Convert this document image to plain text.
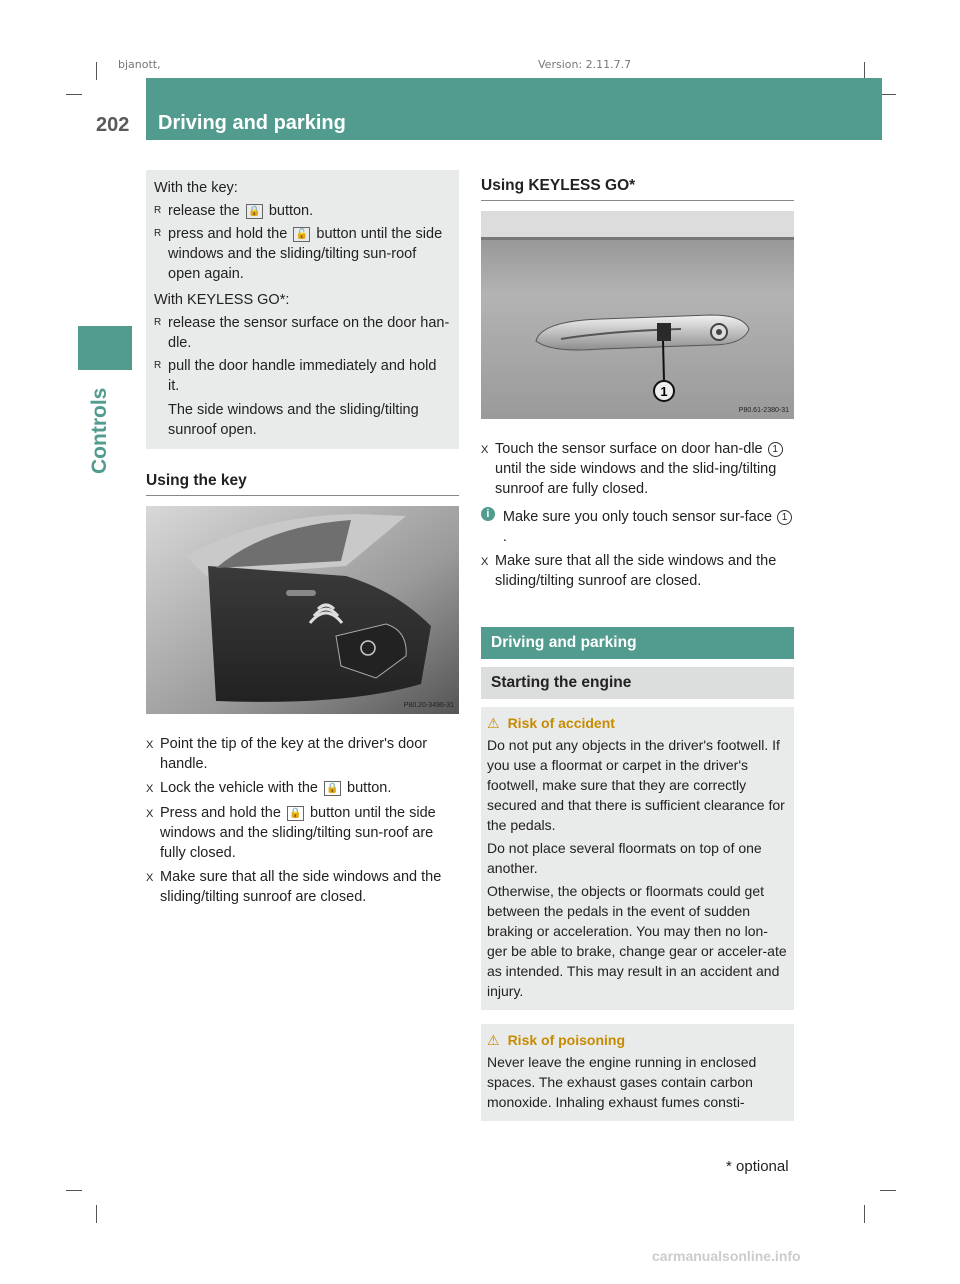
bjanott,	Version: 2.11.7.7
202 Driving and parking
Controls

With the key:

R release the 🔒 button.
R press and hold the 🔓 button until the side windows and the sliding/tilting sun-roof open again.

With KEYLESS GO*:

R release the sensor surface on the door han-dle.
R pull the door handle immediately and hold it.

The side windows and the sliding/tilting sunroof open.
Using the key
P80.20-3496-31
X Point the tip of the key at the driver's door handle.
X Lock the vehicle with the 🔒 button.
X Press and hold the 🔒 button until the side windows and the sliding/tilting sun-roof are fully closed.
X Make sure that all the side windows and the sliding/tilting sunroof are closed.
Using KEYLESS GO*
1
P80.61-2380-31
X Touch the sensor surface on door han-dle 1 until the side windows and the slid-ing/tilting sunroof are fully closed.
i Make sure you only touch sensor sur-face 1.
X Make sure that all the side windows and the sliding/tilting sunroof are closed.
Driving and parking
Starting the engine
⚠ Risk of accident

Do not put any objects in the driver's footwell. If you use a floormat or carpet in the driver's footwell, make sure that they are correctly secured and that there is sufficient clearance for the pedals.

Do not place several floormats on top of one another.

Otherwise, the objects or floormats could get between the pedals in the event of sudden braking or acceleration. You may then no lon-ger be able to brake, change gear or acceler-ate as intended. This may result in an accident and injury.

⚠ Risk of poisoning

Never leave the engine running in enclosed spaces. The exhaust gases contain carbon monoxide. Inhaling exhaust fumes consti-

* optional
carmanualsonline.info
